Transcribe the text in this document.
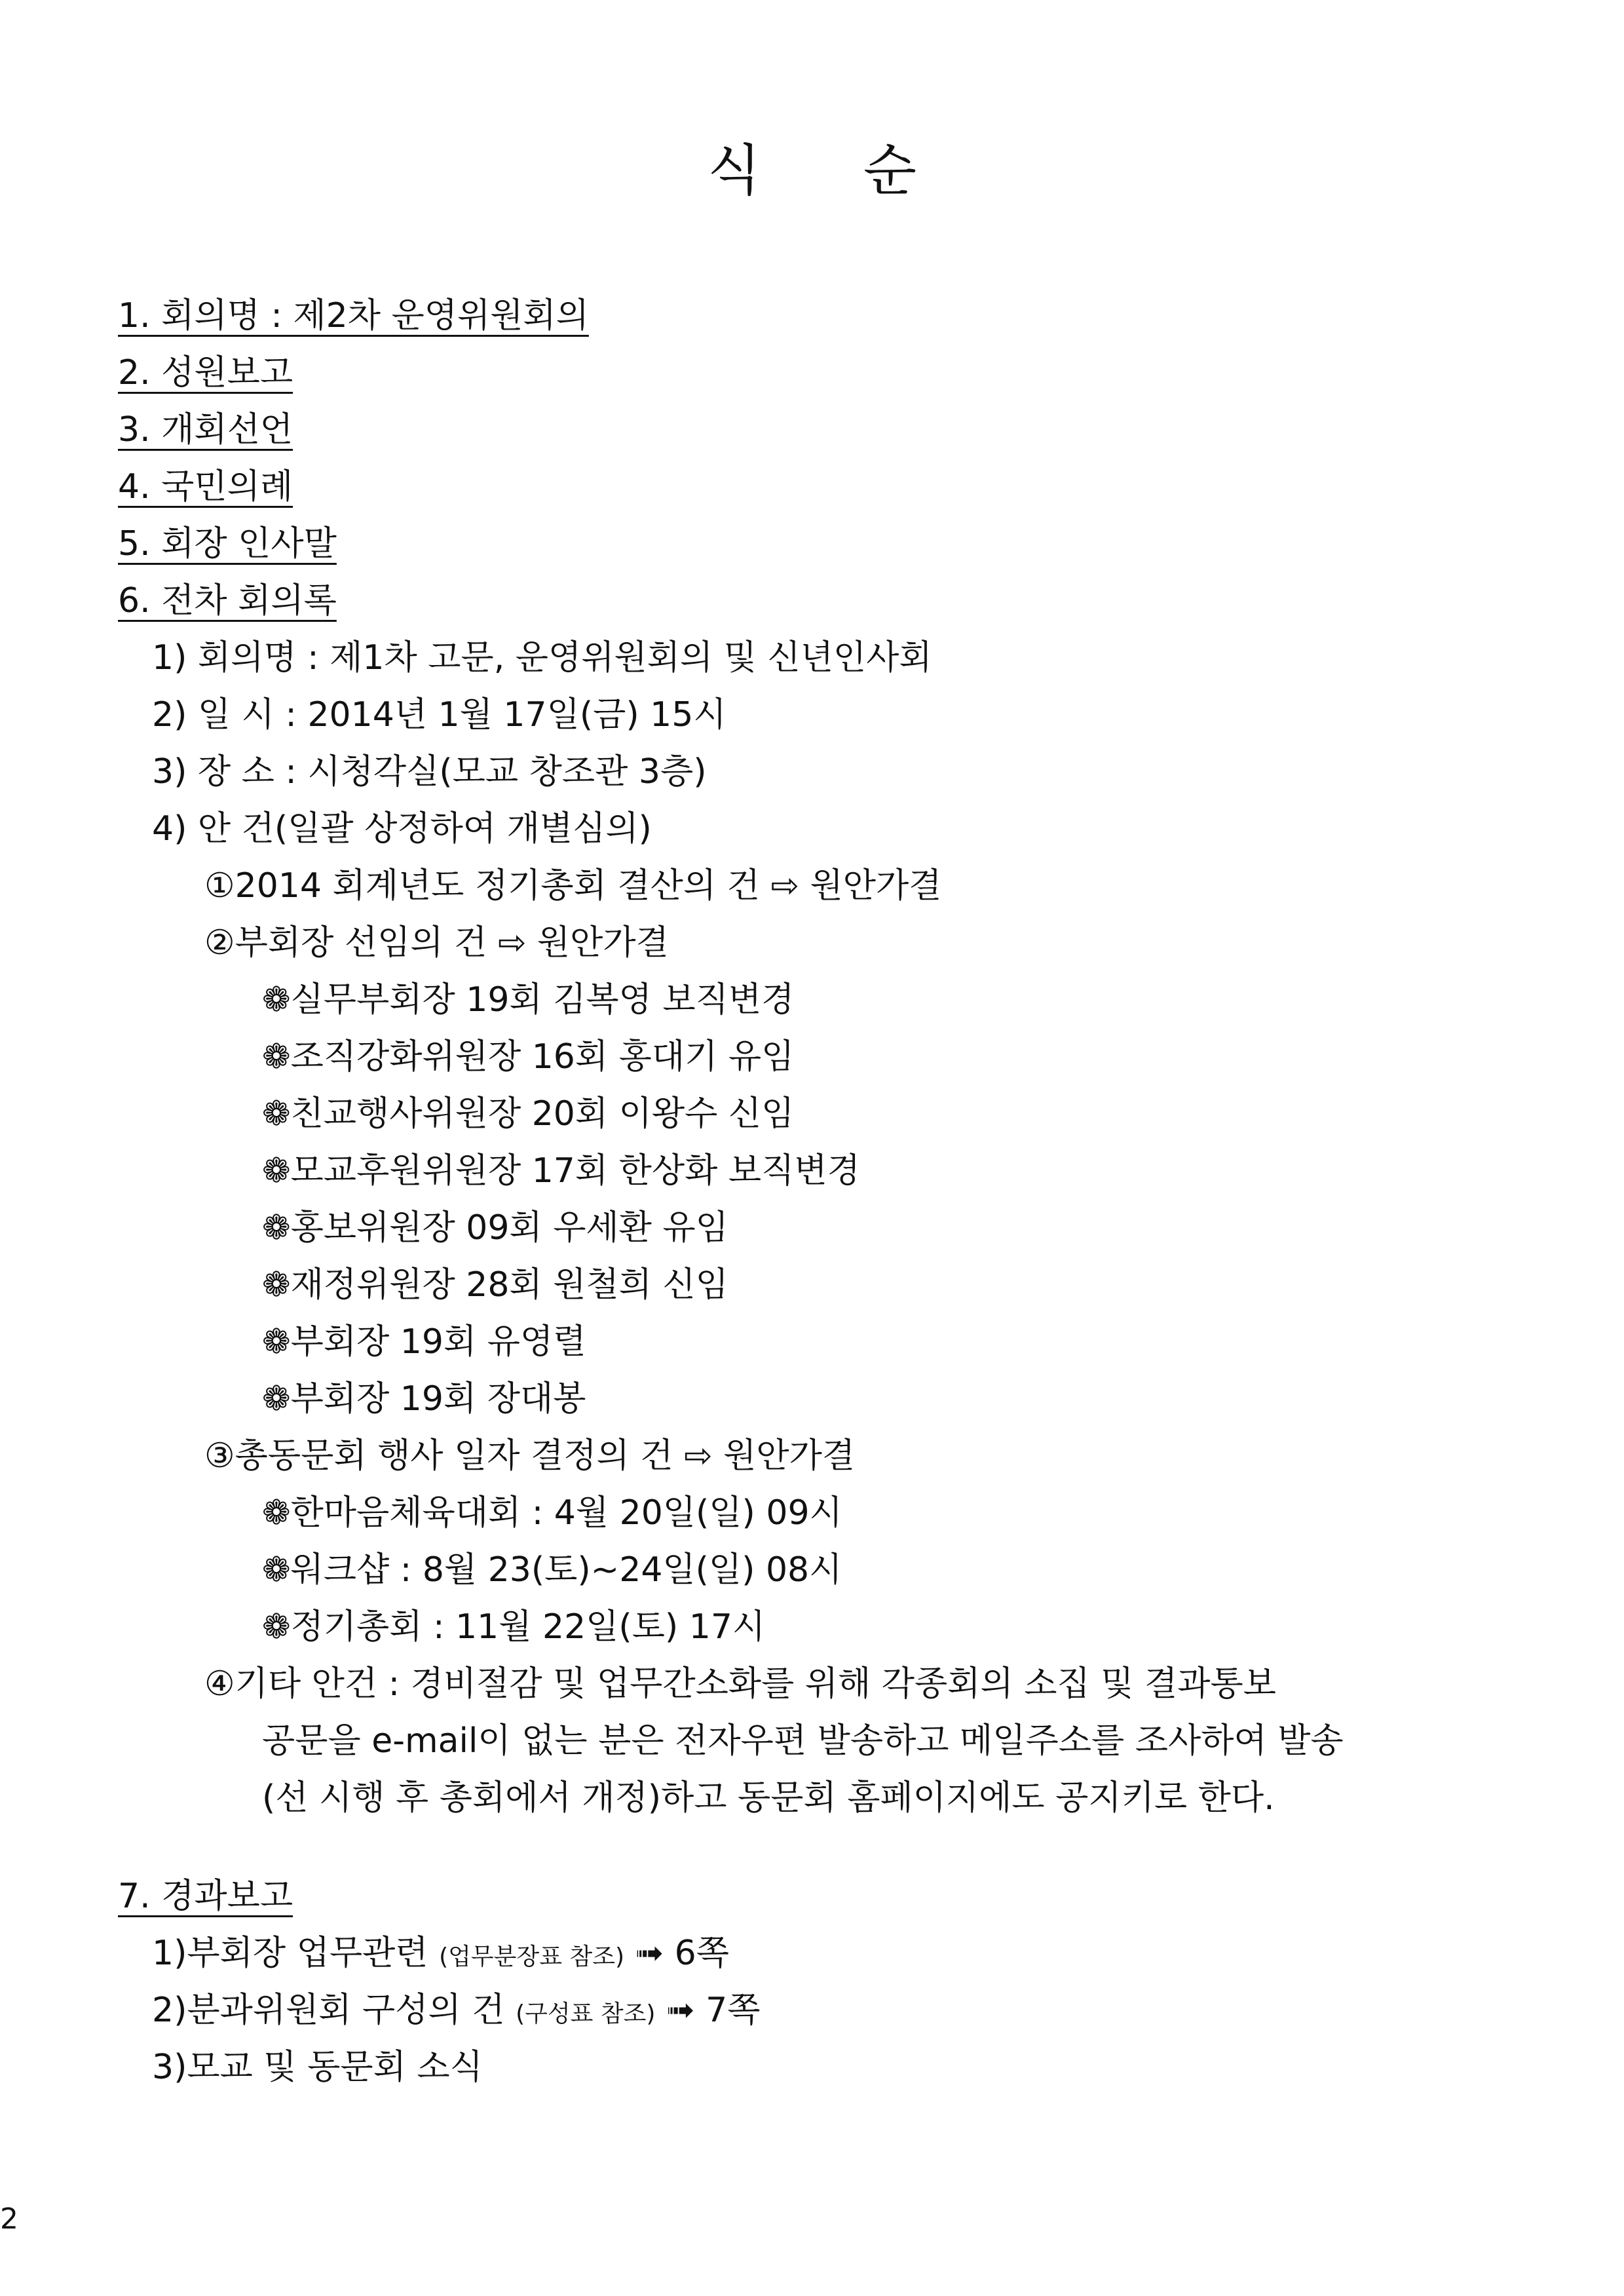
식 순
1. 회의명 : 제2차 운영위원회의
2. 성원보고
3. 개회선언
4. 국민의례
5. 회장 인사말
6. 전차 회의록
1) 회의명 : 제1차 고문, 운영위원회의 및 신년인사회
2) 일 시 : 2014년 1월 17일(금) 15시
3) 장 소 : 시청각실(모교 창조관 3층)
4) 안 건(일괄 상정하여 개별심의)
①2014 회계년도 정기총회 결산의 건 ⇨ 원안가결
②부회장 선임의 건 ⇨ 원안가결
❁실무부회장 19회 김복영 보직변경
❁조직강화위원장 16회 홍대기 유임
❁친교행사위원장 20회 이왕수 신임
❁모교후원위원장 17회 한상화 보직변경
❁홍보위원장 09회 우세환 유임
❁재정위원장 28회 원철희 신임
❁부회장 19회 유영렬
❁부회장 19회 장대봉
③총동문회 행사 일자 결정의 건 ⇨ 원안가결
❁한마음체육대회 : 4월 20일(일) 09시
❁워크샵 : 8월 23(토)~24일(일) 08시
❁정기총회 : 11월 22일(토) 17시
④기타 안건 : 경비절감 및 업무간소화를 위해 각종회의 소집 및 결과통보
공문을 e-mail이 없는 분은 전자우편 발송하고 메일주소를 조사하여 발송
(선 시행 후 총회에서 개정)하고 동문회 홈페이지에도 공지키로 한다.
7. 경과보고
1)부회장 업무관련 (업무분장표 참조) ➟ 6쪽
2)분과위원회 구성의 건 (구성표 참조) ➟ 7쪽
3)모교 및 동문회 소식
2
